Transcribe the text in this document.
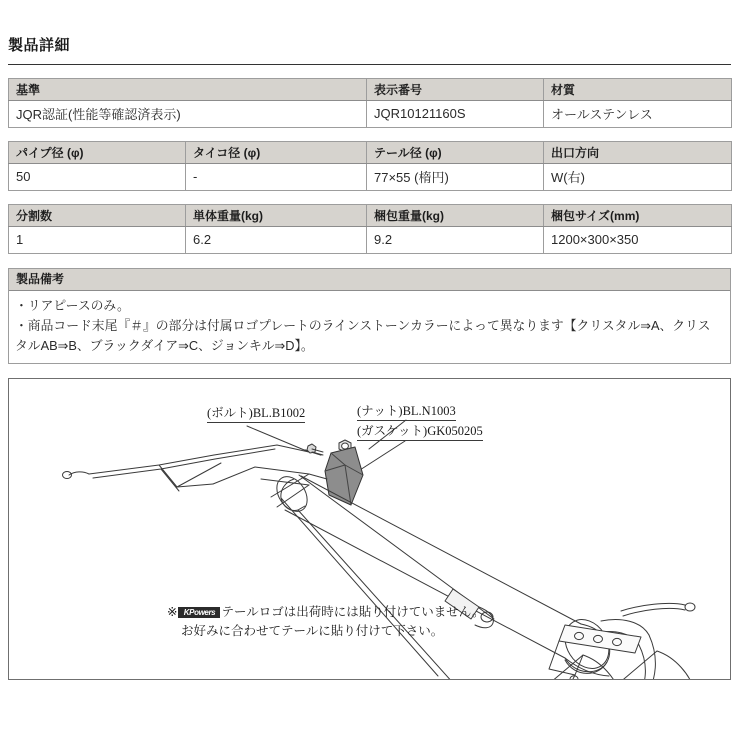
製品詳細
基準	表示番号	材質
JQR認証(性能等確認済表示)	JQR10121160S	オールステンレス
パイプ径 (φ)	タイコ径 (φ)	テール径 (φ)	出口方向
50	-	77×55 (楕円)	W(右)
分割数	単体重量(kg)	梱包重量(kg)	梱包サイズ(mm)
1	6.2	9.2	1200×300×350
製品備考

・リアピースのみ。

・商品コード末尾『＃』の部分は付属ロゴプレートのラインストーンカラーによって異なります【クリスタル⇒A、クリス

タルAB⇒B、ブラックダイア⇒C、ジョンキル⇒D】。

(ボルト)BL.B1002	(ナット)BL.N1003
(ガスケット)GK050205
※ KPowers テールロゴは出荷時には貼り付けていません。
お好みに合わせてテールに貼り付けて下さい。
